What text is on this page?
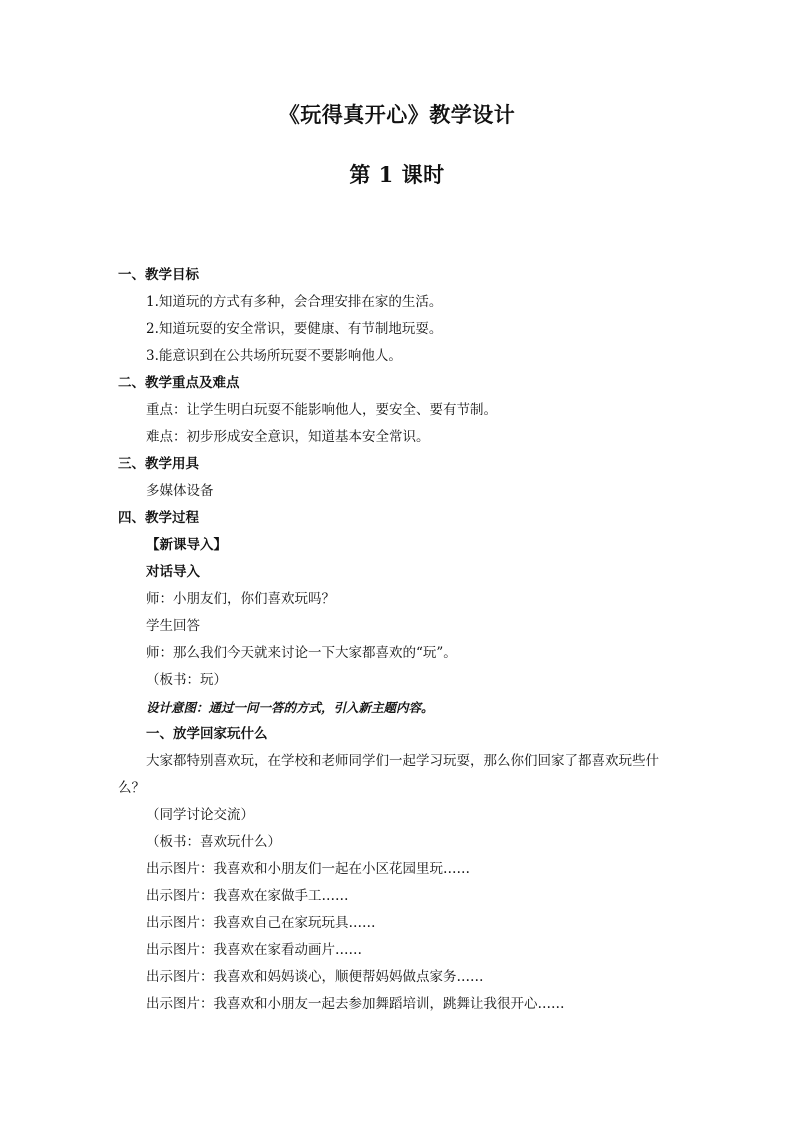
《玩得真开心》教学设计
第 1 课时
一、教学目标
1.知道玩的方式有多种，会合理安排在家的生活。
2.知道玩耍的安全常识，要健康、有节制地玩耍。
3.能意识到在公共场所玩耍不要影响他人。
二、教学重点及难点
重点：让学生明白玩耍不能影响他人，要安全、要有节制。
难点：初步形成安全意识，知道基本安全常识。
三、教学用具
多媒体设备
四、教学过程
【新课导入】
对话导入
师：小朋友们，你们喜欢玩吗？
学生回答
师：那么我们今天就来讨论一下大家都喜欢的“玩”。
（板书：玩）
设计意图：通过一问一答的方式，引入新主题内容。
一、放学回家玩什么
大家都特别喜欢玩，在学校和老师同学们一起学习玩耍，那么你们回家了都喜欢玩些什么？
（同学讨论交流）
（板书：喜欢玩什么）
出示图片：我喜欢和小朋友们一起在小区花园里玩……
出示图片：我喜欢在家做手工……
出示图片：我喜欢自己在家玩玩具……
出示图片：我喜欢在家看动画片……
出示图片：我喜欢和妈妈谈心，顺便帮妈妈做点家务……
出示图片：我喜欢和小朋友一起去参加舞蹈培训，跳舞让我很开心……
